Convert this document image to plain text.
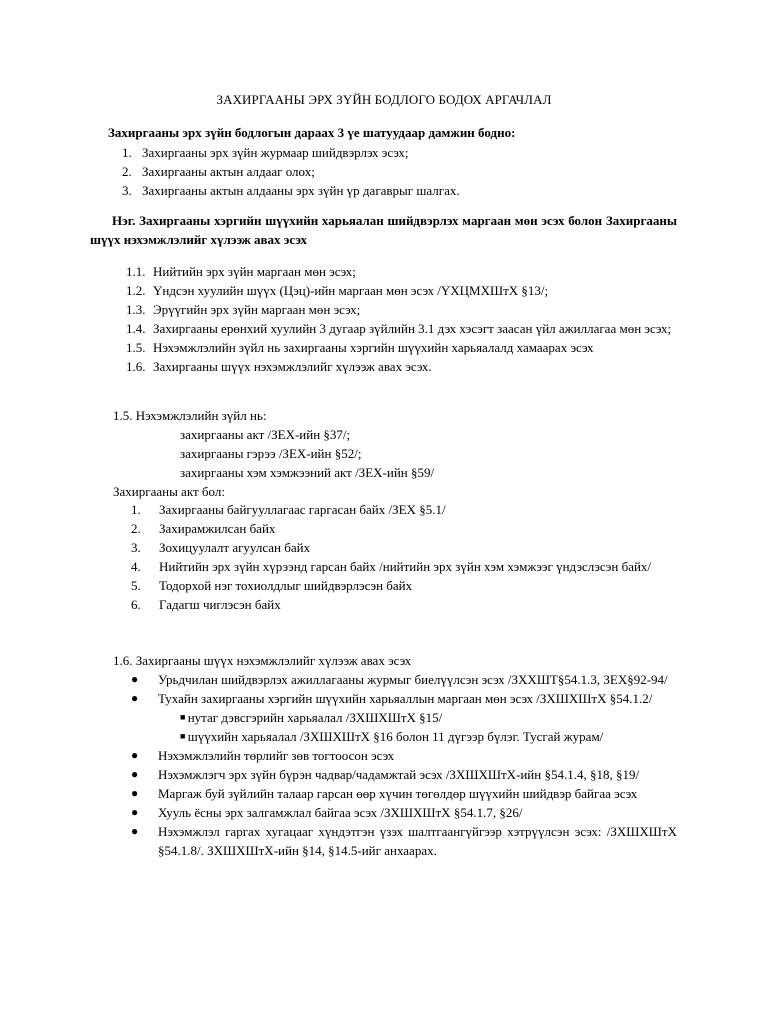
ЗАХИРГААНЫ ЭРХ ЗҮЙН БОДЛОГО БОДОХ АРГАЧЛАЛ
Захиргааны эрх зүйн бодлогын дараах 3 үе шатуудаар дамжин бодно:
1. Захиргааны эрх зүйн журмаар шийдвэрлэх эсэх;
2. Захиргааны актын алдааг олох;
3. Захиргааны актын алдааны эрх зүйн үр дагаврыг шалгах.
Нэг. Захиргааны хэргийн шүүхийн харьяалан шийдвэрлэх маргаан мөн эсэх болон Захиргааны шүүх нэхэмжлэлийг хүлээж авах эсэх
1.1. Нийтийн эрх зүйн маргаан мөн эсэх;
1.2. Үндсэн хуулийн шүүх (Цэц)-ийн маргаан мөн эсэх /ҮХЦМХШтХ §13/;
1.3. Эрүүгийн эрх зүйн маргаан мөн эсэх;
1.4. Захиргааны ерөнхий хуулийн 3 дугаар зүйлийн 3.1 дэх хэсэгт заасан үйл ажиллагаа мөн эсэх;
1.5. Нэхэмжлэлийн зүйл нь захиргааны хэргийн шүүхийн харьяалалд хамаарах эсэх
1.6. Захиргааны шүүх нэхэмжлэлийг хүлээж авах эсэх.
1.5. Нэхэмжлэлийн зүйл нь:
захиргааны акт /ЗЕХ-ийн §37/;
захиргааны гэрээ /ЗЕХ-ийн §52/;
захиргааны хэм хэмжээний акт /ЗЕХ-ийн §59/
Захиргааны акт бол:
1.	Захиргааны байгууллагаас гаргасан байх /ЗЕХ §5.1/
2.	Захирамжилсан байх
3.	Зохицуулалт агуулсан байх
4.	Нийтийн эрх зүйн хүрээнд гарсан байх /нийтийн эрх зүйн хэм хэмжээг үндэслэсэн байх/
5.	Тодорхой нэг тохиолдлыг шийдвэрлэсэн байх
6.	Гадагш чиглэсэн байх
1.6. Захиргааны шүүх нэхэмжлэлийг хүлээж авах эсэх
●	Урьдчилан шийдвэрлэх ажиллагааны журмыг биелүүлсэн эсэх /ЗХХШТ§54.1.3, ЗЕХ§92-94/
●	Тухайн захиргааны хэргийн шүүхийн харьяаллын маргаан мөн эсэх /ЗХШХШтХ §54.1.2/
■ нутаг дэвсгэрийн харьяалал /ЗХШХШтХ §15/
■ шүүхийн харьяалал /ЗХШХШтХ §16 болон 11 дүгээр бүлэг. Тусгай журам/
●	Нэхэмжлэлийн төрлийг зөв тогтоосон эсэх
●	Нэхэмжлэгч эрх зүйн бүрэн чадвар/чадамжтай эсэх /ЗХШХШтХ-ийн §54.1.4, §18, §19/
●	Маргаж буй зүйлийн талаар гарсан өөр хүчин төгөлдөр шүүхийн шийдвэр байгаа эсэх
●	Хууль ёсны эрх залгамжлал байгаа эсэх /ЗХШХШтХ §54.1.7, §26/
●	Нэхэмжлэл гаргах хугацааг хүндэтгэн үзэх шалтгаангүйгээр хэтрүүлсэн эсэх: /ЗХШХШтХ §54.1.8/. ЗХШХШтХ-ийн §14, §14.5-ийг анхаарах.
